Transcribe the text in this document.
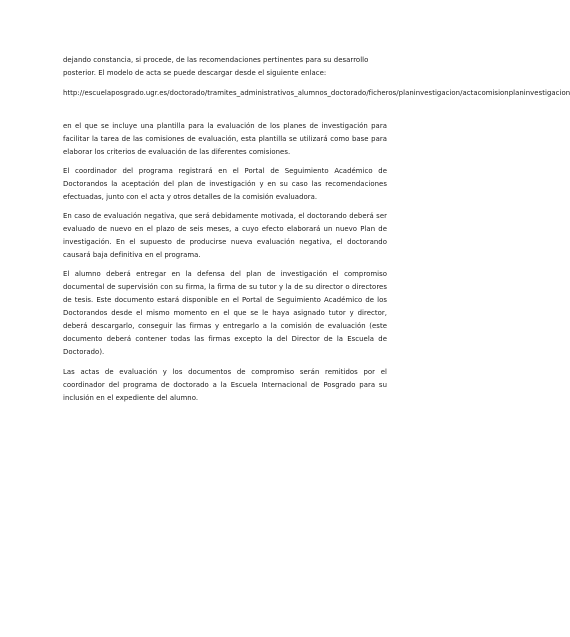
dejando constancia, si procede, de las recomendaciones pertinentes para su desarrollo posterior. El modelo de acta se puede descargar desde el siguiente enlace:

http://escuelaposgrado.ugr.es/doctorado/tramites_administrativos_alumnos_doctorado/ficheros/planinvestigacion/actacomisionplaninvestigacion

en el que se incluye una plantilla para la evaluación de los planes de investigación para facilitar la tarea de las comisiones de evaluación, esta plantilla se utilizará como base para elaborar los criterios de evaluación de las diferentes comisiones.

El coordinador del programa registrará en el Portal de Seguimiento Académico de Doctorandos la aceptación del plan de investigación y en su caso las recomendaciones efectuadas, junto con el acta y otros detalles de la comisión evaluadora.

En caso de evaluación negativa, que será debidamente motivada, el doctorando deberá ser evaluado de nuevo en el plazo de seis meses, a cuyo efecto elaborará un nuevo Plan de investigación. En el supuesto de producirse nueva evaluación negativa, el doctorando causará baja definitiva en el programa.

El alumno deberá entregar en la defensa del plan de investigación el compromiso documental de supervisión con su firma, la firma de su tutor y la de su director o directores de tesis. Este documento estará disponible en el Portal de Seguimiento Académico de los Doctorandos desde el mismo momento en el que se le haya asignado tutor y director, deberá descargarlo, conseguir las firmas y entregarlo a la comisión de evaluación (este documento deberá contener todas las firmas excepto la del Director de la Escuela de Doctorado).

Las actas de evaluación y los documentos de compromiso serán remitidos por el coordinador del programa de doctorado a la Escuela Internacional de Posgrado para su inclusión en el expediente del alumno.
